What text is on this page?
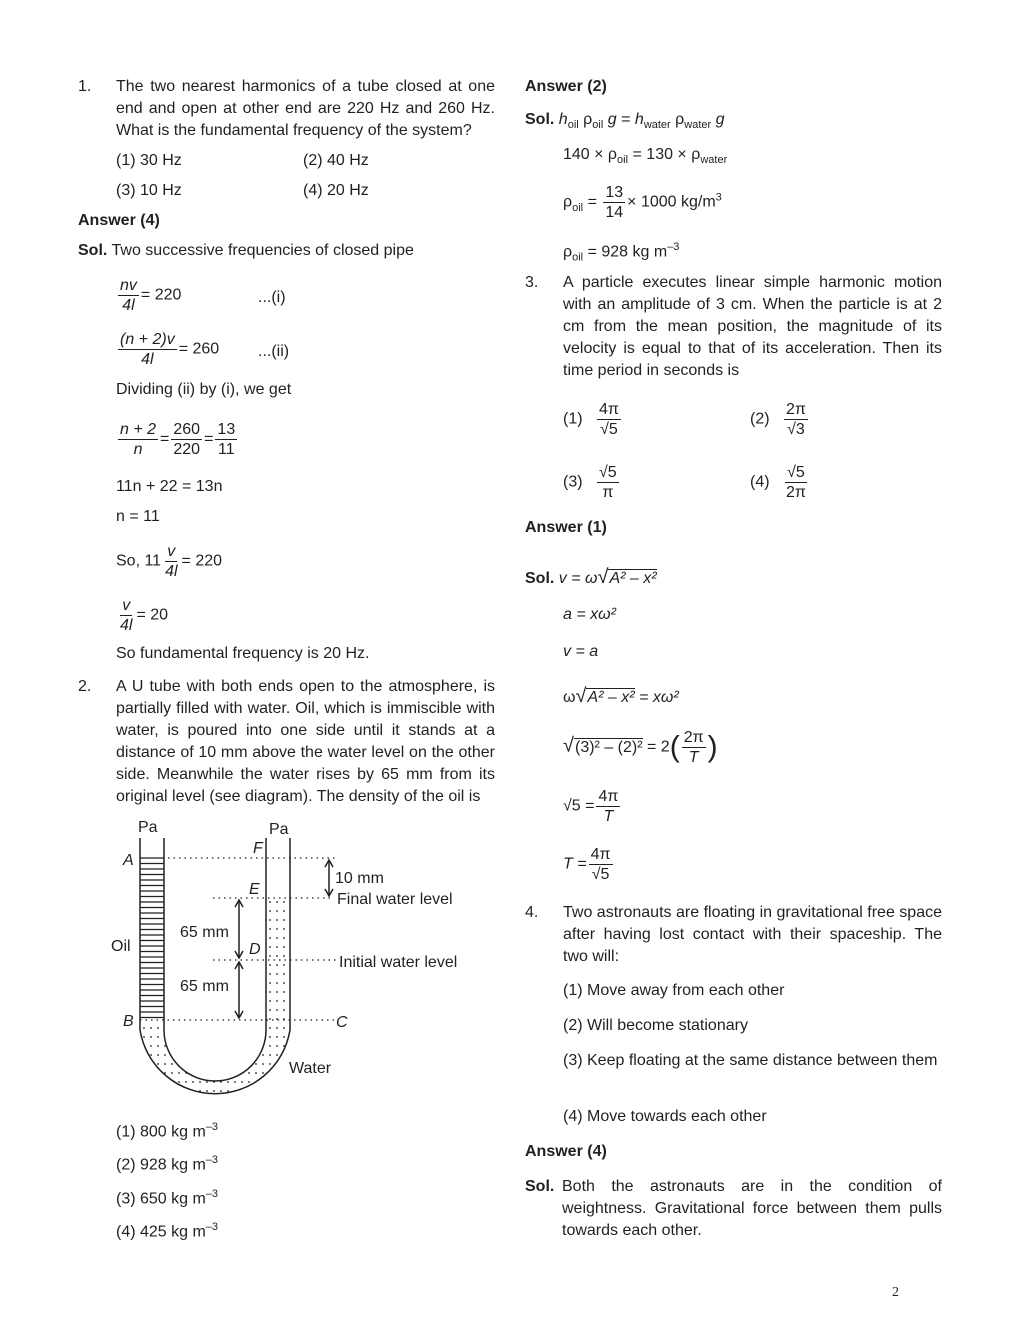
1. The two nearest harmonics of a tube closed at one end and open at other end are 220 Hz and 260 Hz. What is the fundamental frequency of the system?
(1) 30 Hz	(2) 40 Hz
(3) 10 Hz	(4) 20 Hz
Answer (4)
Sol. Two successive frequencies of closed pipe
$\frac{nv}{4l} = 220$	...(i)
$\frac{(n + 2)v}{4l} = 260$ ...(ii)
Dividing (ii) by (i), we get
$\frac{n + 2}{n} = \frac{260}{220} = \frac{13}{11}$
11n + 22 = 13n
n = 11
So, $11 \frac{v}{4l} = 220$
$\frac{v}{4l} = 20$
So fundamental frequency is 20 Hz.
2. A U tube with both ends open to the atmosphere, is partially filled with water. Oil, which is immiscible with water, is poured into one side until it stands at a distance of 10 mm above the water level on the other side. Meanwhile the water rises by 65 mm from its original level (see diagram). The density of the oil is
Pa	Pa
A
F
E
D
B	C
Oil
Water
10 mm
Final water level
Initial water level
65 mm
65 mm
(1) 800 kg $m^{-3}$
(2) 928 kg $m^{-3}$
(3) 650 kg $m^{-3}$
(4) 425 kg $m^{-3}$
Answer (2)
Sol. $h_{oil}$ $\rho_{oil}$ $g = h_{water}$ $\rho_{water}$ g
$140 \times \rho_{oil} = 130 \times \rho_{water}$
$\rho_{oil} = \frac{13}{14} \times 1000$ $kg/m^3$
$\rho_{oil} = 928$ kg $m^{-3}$
3. A particle executes linear simple harmonic motion with an amplitude of 3 cm. When the particle is at 2 cm from the mean position, the magnitude of its velocity is equal to that of its acceleration. Then its time period in seconds is
$(1) \frac{4\pi}{√5}$	$(2) \frac{2\pi}{√3}$
$(3) \frac{√5}{\pi}$	$(4) \frac{√5}{2\pi}$
Answer (1)
Sol. v = ω√A² – x²
a = xω²
v = a
ω√A² – x² = xω²
$√(3)^2 - (2)^2 = 2( \frac{2\pi}{T}$ )
$√5 = \frac{4\pi}{T}$
$T = \frac{4\pi}{√5}$
4. Two astronauts are floating in gravitational free space after having lost contact with their spaceship. The two will:
(1) Move away from each other
(2) Will become stationary
(3) Keep floating at the same distance between them
(4) Move towards each other
Answer (4)
Sol. Both the astronauts are in the condition of weightness. Gravitational force between them pulls towards each other.
2
